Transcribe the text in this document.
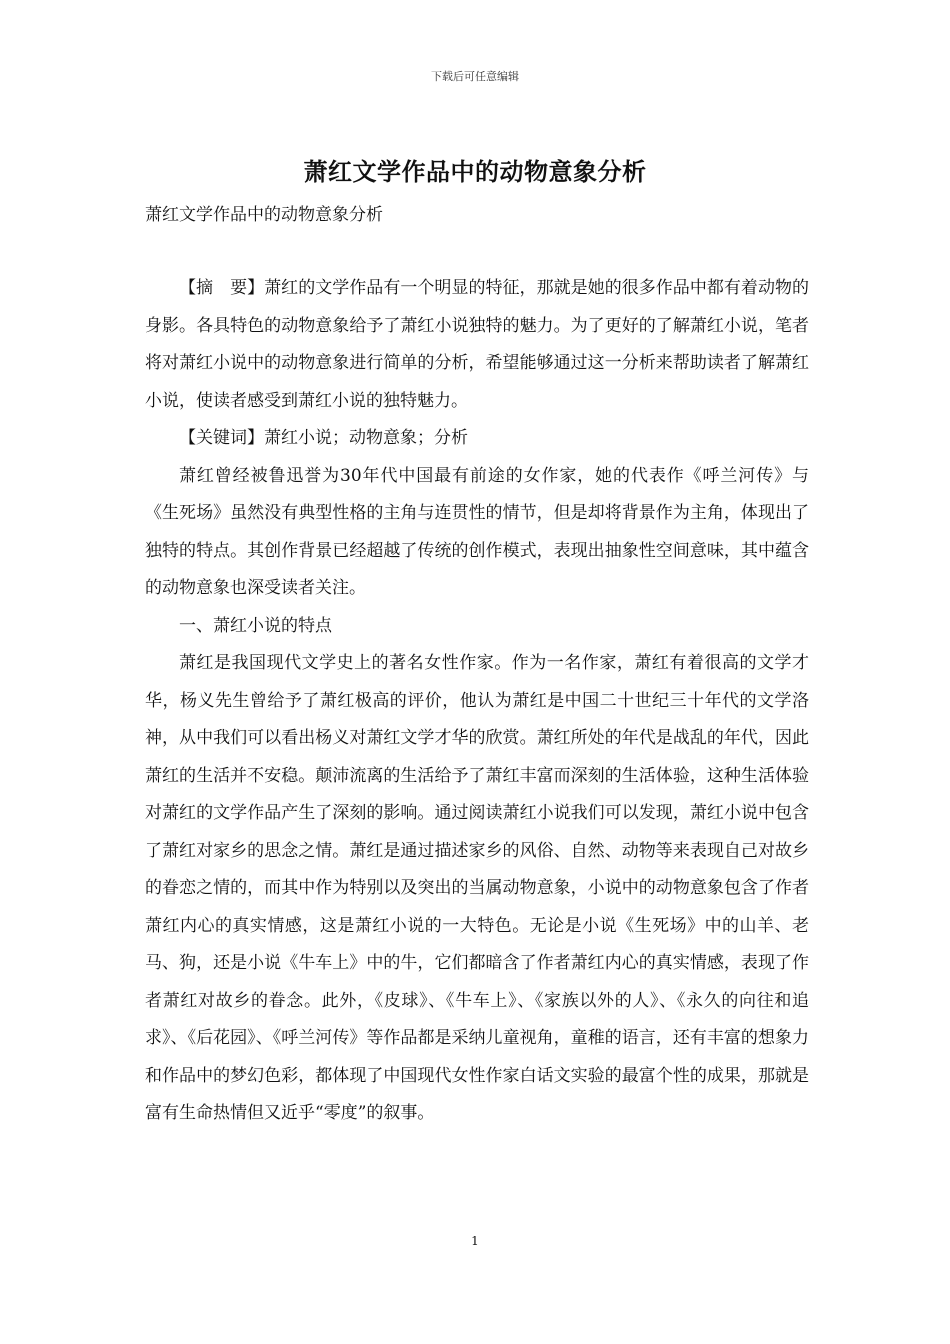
下载后可任意编辑
萧红文学作品中的动物意象分析
萧红文学作品中的动物意象分析

【摘　要】萧红的文学作品有一个明显的特征，那就是她的很多作品中都有着动物的身影。各具特色的动物意象给予了萧红小说独特的魅力。为了更好的了解萧红小说，笔者将对萧红小说中的动物意象进行简单的分析，希望能够通过这一分析来帮助读者了解萧红小说，使读者感受到萧红小说的独特魅力。

【关键词】萧红小说；动物意象；分析

萧红曾经被鲁迅誉为30年代中国最有前途的女作家，她的代表作《呼兰河传》与《生死场》虽然没有典型性格的主角与连贯性的情节，但是却将背景作为主角，体现出了独特的特点。其创作背景已经超越了传统的创作模式，表现出抽象性空间意味，其中蕴含的动物意象也深受读者关注。

一、萧红小说的特点

萧红是我国现代文学史上的著名女性作家。作为一名作家，萧红有着很高的文学才华，杨义先生曾给予了萧红极高的评价，他认为萧红是中国二十世纪三十年代的文学洛神，从中我们可以看出杨义对萧红文学才华的欣赏。萧红所处的年代是战乱的年代，因此萧红的生活并不安稳。颠沛流离的生活给予了萧红丰富而深刻的生活体验，这种生活体验对萧红的文学作品产生了深刻的影响。通过阅读萧红小说我们可以发现，萧红小说中包含了萧红对家乡的思念之情。萧红是通过描述家乡的风俗、自然、动物等来表现自己对故乡的眷恋之情的，而其中作为特别以及突出的当属动物意象，小说中的动物意象包含了作者萧红内心的真实情感，这是萧红小说的一大特色。无论是小说《生死场》中的山羊、老马、狗，还是小说《牛车上》中的牛，它们都暗含了作者萧红内心的真实情感，表现了作者萧红对故乡的眷念。此外，《皮球》、《牛车上》、《家族以外的人》、《永久的向往和追求》、《后花园》、《呼兰河传》等作品都是采纳儿童视角，童稚的语言，还有丰富的想象力和作品中的梦幻色彩，都体现了中国现代女性作家白话文实验的最富个性的成果，那就是富有生命热情但又近乎“零度”的叙事。

1
